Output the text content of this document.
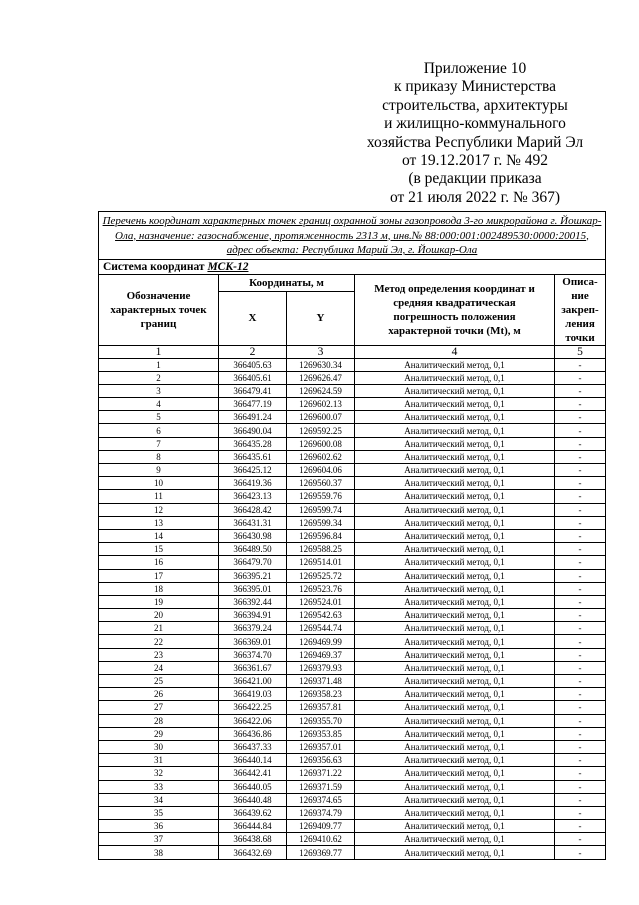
Приложение 10
к приказу Министерства
строительства, архитектуры
и жилищно-коммунального
хозяйства Республики Марий Эл
от 19.12.2017 г. № 492
(в редакции приказа
от 21 июля 2022 г. № 367)
Перечень координат характерных точек границ охранной зоны газопровода 3-го микрорайона г. Йошкар-Ола, назначение: газоснабжение, протяженность 2313 м, инв.№ 88:000:001:002489530:0000:20015, адрес объекта: Республика Марий Эл, г. Йошкар-Ола				
Система координат МСК-12				
Обозначение характерных точек границ	Координаты, м		Метод определения координат и средняя квадратическая погрешность положения характерной точки (Mt), м	Описа-ние закреп-ления точки
	X	Y		
1	2	3	4	5
1	366405.63	1269630.34	Аналитический метод, 0,1	-
2	366405.61	1269626.47	Аналитический метод, 0,1	-
3	366479.41	1269624.59	Аналитический метод, 0,1	-
4	366477.19	1269602.13	Аналитический метод, 0,1	-
5	366491.24	1269600.07	Аналитический метод, 0,1	-
6	366490.04	1269592.25	Аналитический метод, 0,1	-
7	366435.28	1269600.08	Аналитический метод, 0,1	-
8	366435.61	1269602.62	Аналитический метод, 0,1	-
9	366425.12	1269604.06	Аналитический метод, 0,1	-
10	366419.36	1269560.37	Аналитический метод, 0,1	-
11	366423.13	1269559.76	Аналитический метод, 0,1	-
12	366428.42	1269599.74	Аналитический метод, 0,1	-
13	366431.31	1269599.34	Аналитический метод, 0,1	-
14	366430.98	1269596.84	Аналитический метод, 0,1	-
15	366489.50	1269588.25	Аналитический метод, 0,1	-
16	366479.70	1269514.01	Аналитический метод, 0,1	-
17	366395.21	1269525.72	Аналитический метод, 0,1	-
18	366395.01	1269523.76	Аналитический метод, 0,1	-
19	366392.44	1269524.01	Аналитический метод, 0,1	-
20	366394.91	1269542.63	Аналитический метод, 0,1	-
21	366379.24	1269544.74	Аналитический метод, 0,1	-
22	366369.01	1269469.99	Аналитический метод, 0,1	-
23	366374.70	1269469.37	Аналитический метод, 0,1	-
24	366361.67	1269379.93	Аналитический метод, 0,1	-
25	366421.00	1269371.48	Аналитический метод, 0,1	-
26	366419.03	1269358.23	Аналитический метод, 0,1	-
27	366422.25	1269357.81	Аналитический метод, 0,1	-
28	366422.06	1269355.70	Аналитический метод, 0,1	-
29	366436.86	1269353.85	Аналитический метод, 0,1	-
30	366437.33	1269357.01	Аналитический метод, 0,1	-
31	366440.14	1269356.63	Аналитический метод, 0,1	-
32	366442.41	1269371.22	Аналитический метод, 0,1	-
33	366440.05	1269371.59	Аналитический метод, 0,1	-
34	366440.48	1269374.65	Аналитический метод, 0,1	-
35	366439.62	1269374.79	Аналитический метод, 0,1	-
36	366444.84	1269409.77	Аналитический метод, 0,1	-
37	366438.68	1269410.62	Аналитический метод, 0,1	-
38	366432.69	1269369.77	Аналитический метод, 0,1	-
